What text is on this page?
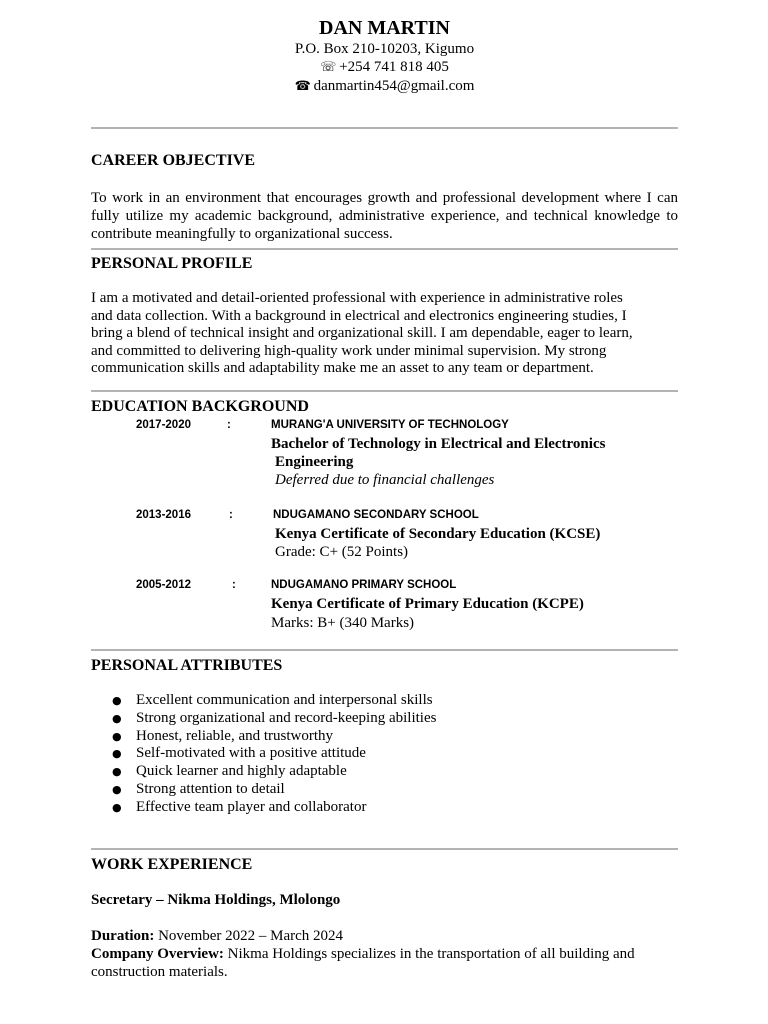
DAN MARTIN
P.O. Box 210-10203, Kigumo
☏ +254 741 818 405
☎ danmartin454@gmail.com
CAREER OBJECTIVE

To work in an environment that encourages growth and professional development where I can fully utilize my academic background, administrative experience, and technical knowledge to contribute meaningfully to organizational success.

PERSONAL PROFILE
I am a motivated and detail-oriented professional with experience in administrative roles
and data collection. With a background in electrical and electronics engineering studies, I
bring a blend of technical insight and organizational skill. I am dependable, eager to learn,
and committed to delivering high-quality work under minimal supervision. My strong
communication skills and adaptability make me an asset to any team or department.
EDUCATION BACKGROUND
2017-2020	:	MURANG'A UNIVERSITY OF TECHNOLOGY
Bachelor of Technology in Electrical and Electronics
Engineering
Deferred due to financial challenges
2013-2016	:	NDUGAMANO SECONDARY SCHOOL
Kenya Certificate of Secondary Education (KCSE)
Grade: C+ (52 Points)
2005-2012	:	NDUGAMANO PRIMARY SCHOOL
Kenya Certificate of Primary Education (KCPE)
Marks: B+ (340 Marks)
PERSONAL ATTRIBUTES
● Excellent communication and interpersonal skills
● Strong organizational and record-keeping abilities
● Honest, reliable, and trustworthy
● Self-motivated with a positive attitude
● Quick learner and highly adaptable
● Strong attention to detail
● Effective team player and collaborator
WORK EXPERIENCE
Secretary – Nikma Holdings, Mlolongo
Duration: November 2022 – March 2024
Company Overview: Nikma Holdings specializes in the transportation of all building and
construction materials.
